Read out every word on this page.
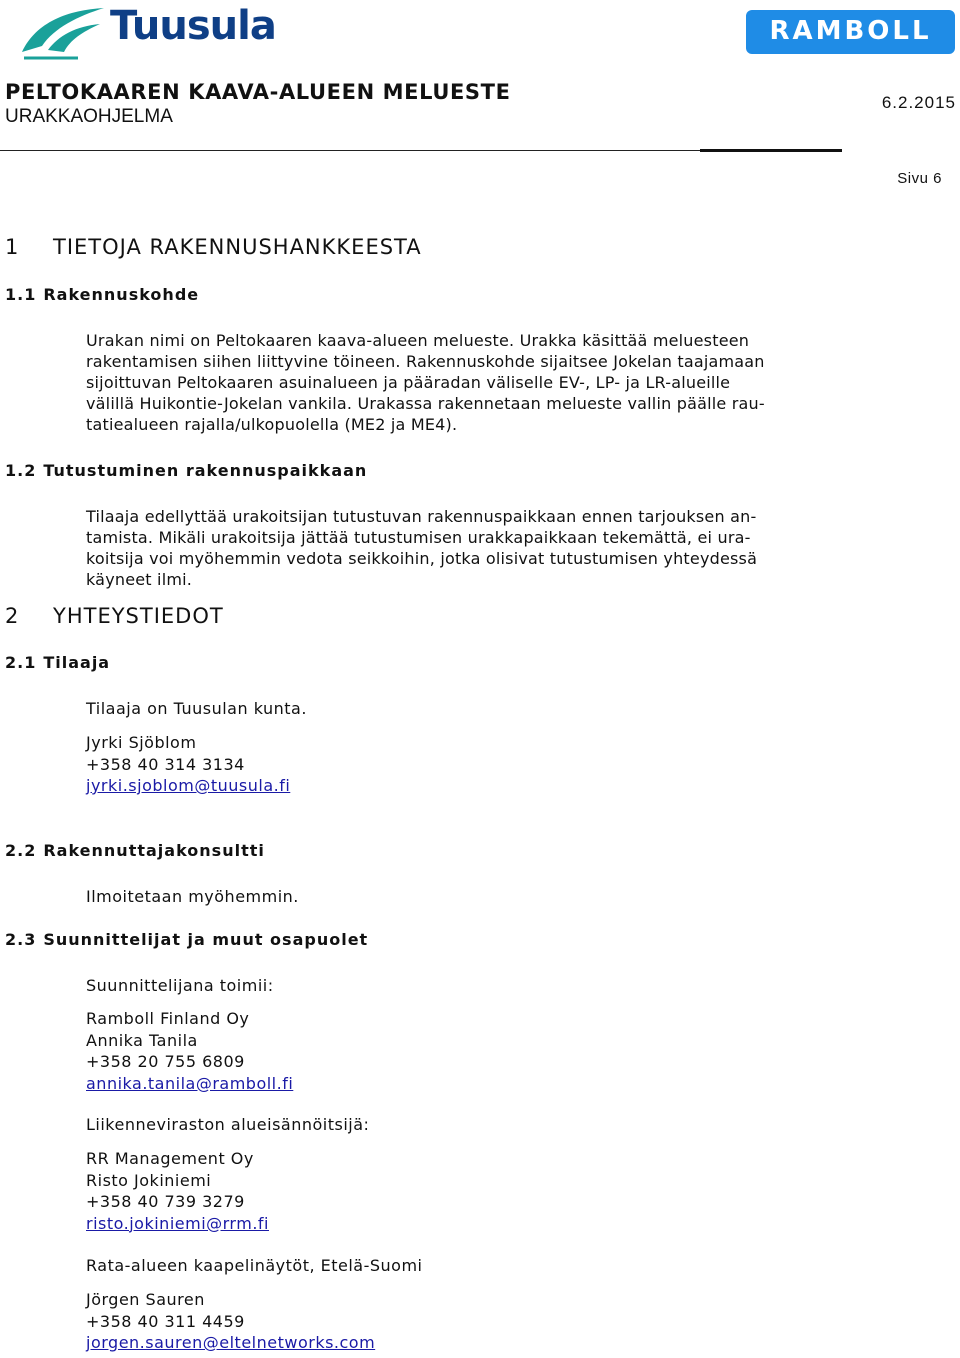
Tuusula	RAMBOLL
PELTOKAAREN KAAVA-ALUEEN MELUESTE
URAKKAOHJELMA
6.2.2015
Sivu 6
1 TIETOJA RAKENNUSHANKKEESTA
1.1 Rakennuskohde
Urakan nimi on Peltokaaren kaava-alueen melueste. Urakka käsittää meluesteen
rakentamisen siihen liittyvine töineen. Rakennuskohde sijaitsee Jokelan taajamaan
sijoittuvan Peltokaaren asuinalueen ja pääradan väliselle EV-, LP- ja LR-alueille
välillä Huikontie-Jokelan vankila. Urakassa rakennetaan melueste vallin päälle rau-
tatiealueen rajalla/ulkopuolella (ME2 ja ME4).
1.2 Tutustuminen rakennuspaikkaan
Tilaaja edellyttää urakoitsijan tutustuvan rakennuspaikkaan ennen tarjouksen an-
tamista. Mikäli urakoitsija jättää tutustumisen urakkapaikkaan tekemättä, ei ura-
koitsija voi myöhemmin vedota seikkoihin, jotka olisivat tutustumisen yhteydessä
käyneet ilmi.
2 YHTEYSTIEDOT
2.1 Tilaaja
Tilaaja on Tuusulan kunta.
Jyrki Sjöblom
+358 40 314 3134
jyrki.sjoblom@tuusula.fi
2.2 Rakennuttajakonsultti
Ilmoitetaan myöhemmin.
2.3 Suunnittelijat ja muut osapuolet
Suunnittelijana toimii:
Ramboll Finland Oy
Annika Tanila
+358 20 755 6809
annika.tanila@ramboll.fi
Liikenneviraston alueisännöitsijä:
RR Management Oy
Risto Jokiniemi
+358 40 739 3279
risto.jokiniemi@rrm.fi
Rata-alueen kaapelinäytöt, Etelä-Suomi
Jörgen Sauren
+358 40 311 4459
jorgen.sauren@eltelnetworks.com
